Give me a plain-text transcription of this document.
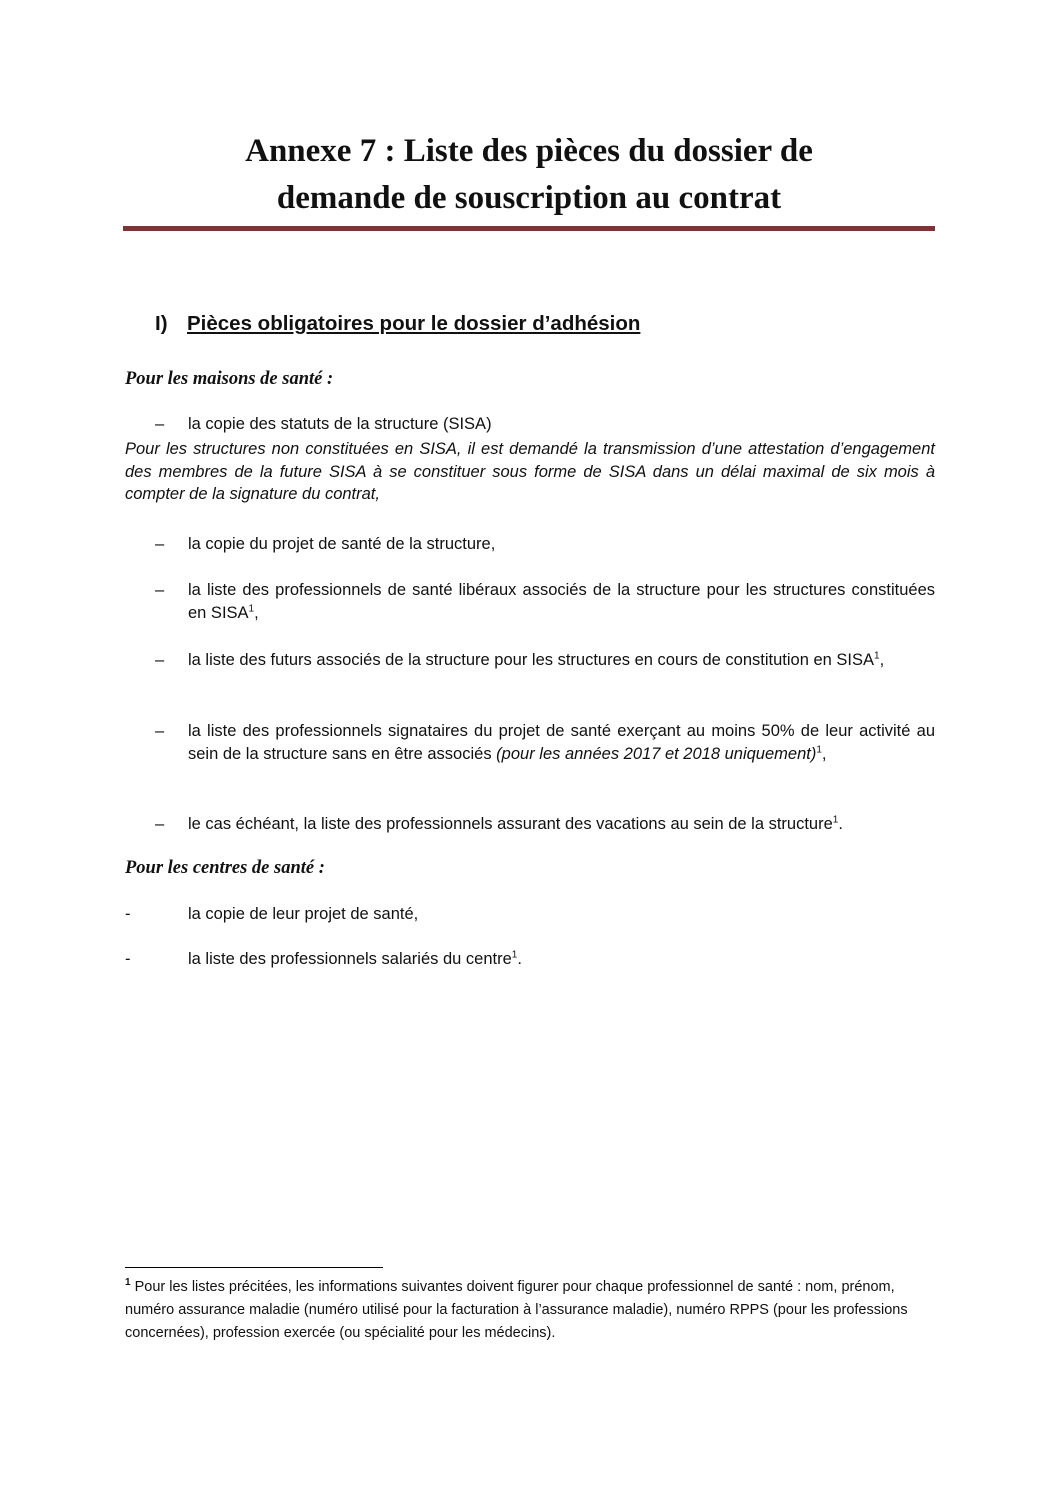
Annexe 7 : Liste des pièces du dossier de
demande de souscription au contrat
I) Pièces obligatoires pour le dossier d’adhésion
Pour les maisons de santé :
– la copie des statuts de la structure (SISA)
Pour les structures non constituées en SISA, il est demandé la transmission d’une attestation d’engagement des membres de la future SISA à se constituer sous forme de SISA dans un délai maximal de six mois à compter de la signature du contrat,
– la copie du projet de santé de la structure,
– la liste des professionnels de santé libéraux associés de la structure pour les structures constituées en SISA$^1$,
– la liste des futurs associés de la structure pour les structures en cours de constitution en SISA$^1$,
– la liste des professionnels signataires du projet de santé exerçant au moins 50% de leur activité au sein de la structure sans en être associés (pour les années 2017 et 2018 uniquement)$^1$,
– le cas échéant, la liste des professionnels assurant des vacations au sein de la structure$^1$.
Pour les centres de santé :
-	la copie de leur projet de santé,
-	la liste des professionnels salariés du centre$^1$.
$^1$ Pour les listes précitées, les informations suivantes doivent figurer pour chaque professionnel de santé : nom, prénom, numéro assurance maladie (numéro utilisé pour la facturation à l’assurance maladie), numéro RPPS (pour les professions concernées), profession exercée (ou spécialité pour les médecins).
